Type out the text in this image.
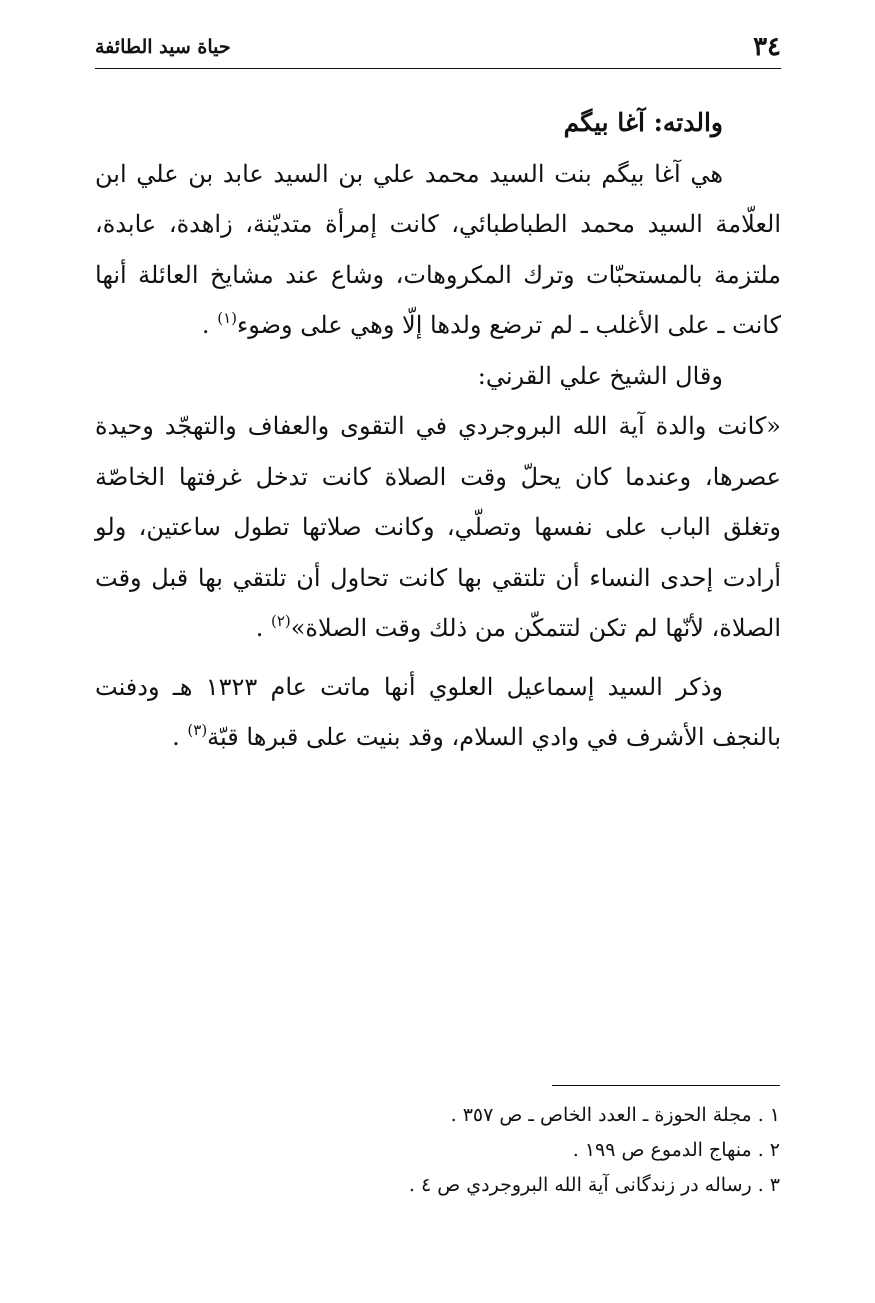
٣٤
حياة سيد الطائفة

والدته: آغا بيگم

هي آغا بيگم بنت السيد محمد علي بن السيد عابد بن علي ابن العلّامة السيد محمد الطباطبائي، كانت إمرأة متديّنة، زاهدة، عابدة، ملتزمة بالمستحبّات وترك المكروهات، وشاع عند مشايخ العائلة أنها كانت ـ على الأغلب ـ لم ترضع ولدها إلّا وهي على وضوء$^{(١)}$ .

وقال الشيخ علي القرني:

«كانت والدة آية الله البروجردي في التقوى والعفاف والتهجّد وحيدة عصرها، وعندما كان يحلّ وقت الصلاة كانت تدخل غرفتها الخاصّة وتغلق الباب على نفسها وتصلّي، وكانت صلاتها تطول ساعتين، ولو أرادت إحدى النساء أن تلتقي بها كانت تحاول أن تلتقي بها قبل وقت الصلاة، لأنّها لم تكن لتتمكّن من ذلك وقت الصلاة»$^{(٢)}$ .

وذكر السيد إسماعيل العلوي أنها ماتت عام ١٣٢٣ هـ ودفنت بالنجف الأشرف في وادي السلام، وقد بنيت على قبرها قبّة$^{(٣)}$ .

١ . مجلة الحوزة ـ العدد الخاص ـ ص ٣٥٧ .
٢ . منهاج الدموع ص ١٩٩ .
٣ . رساله در زندگانى آية الله البروجردي ص ٤ .
